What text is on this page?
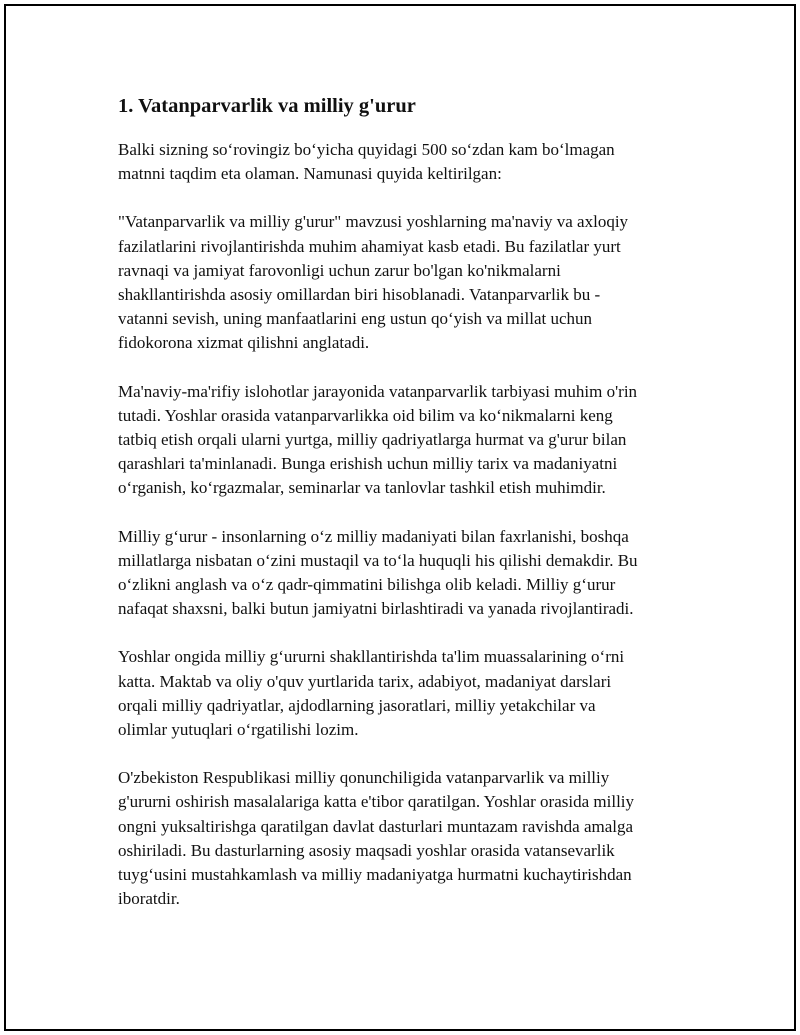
1. Vatanparvarlik va milliy g'urur

Balki sizning so‘rovingiz bo‘yicha quyidagi 500 so‘zdan kam bo‘lmagan
matnni taqdim eta olaman. Namunasi quyida keltirilgan:

"Vatanparvarlik va milliy g'urur" mavzusi yoshlarning ma'naviy va axloqiy
fazilatlarini rivojlantirishda muhim ahamiyat kasb etadi. Bu fazilatlar yurt
ravnaqi va jamiyat farovonligi uchun zarur bo'lgan ko'nikmalarni
shakllantirishda asosiy omillardan biri hisoblanadi. Vatanparvarlik bu -
vatanni sevish, uning manfaatlarini eng ustun qo‘yish va millat uchun
fidokorona xizmat qilishni anglatadi.

Ma'naviy-ma'rifiy islohotlar jarayonida vatanparvarlik tarbiyasi muhim o'rin
tutadi. Yoshlar orasida vatanparvarlikka oid bilim va ko‘nikmalarni keng
tatbiq etish orqali ularni yurtga, milliy qadriyatlarga hurmat va g'urur bilan
qarashlari ta'minlanadi. Bunga erishish uchun milliy tarix va madaniyatni
o‘rganish, ko‘rgazmalar, seminarlar va tanlovlar tashkil etish muhimdir.

Milliy g‘urur - insonlarning o‘z milliy madaniyati bilan faxrlanishi, boshqa
millatlarga nisbatan o‘zini mustaqil va to‘la huquqli his qilishi demakdir. Bu
o‘zlikni anglash va o‘z qadr-qimmatini bilishga olib keladi. Milliy g‘urur
nafaqat shaxsni, balki butun jamiyatni birlashtiradi va yanada rivojlantiradi.

Yoshlar ongida milliy g‘ururni shakllantirishda ta'lim muassalarining o‘rni
katta. Maktab va oliy o'quv yurtlarida tarix, adabiyot, madaniyat darslari
orqali milliy qadriyatlar, ajdodlarning jasoratlari, milliy yetakchilar va
olimlar yutuqlari o‘rgatilishi lozim.

O'zbekiston Respublikasi milliy qonunchiligida vatanparvarlik va milliy
g'ururni oshirish masalalariga katta e'tibor qaratilgan. Yoshlar orasida milliy
ongni yuksaltirishga qaratilgan davlat dasturlari muntazam ravishda amalga
oshiriladi. Bu dasturlarning asosiy maqsadi yoshlar orasida vatansevarlik
tuyg‘usini mustahkamlash va milliy madaniyatga hurmatni kuchaytirishdan
iboratdir.
